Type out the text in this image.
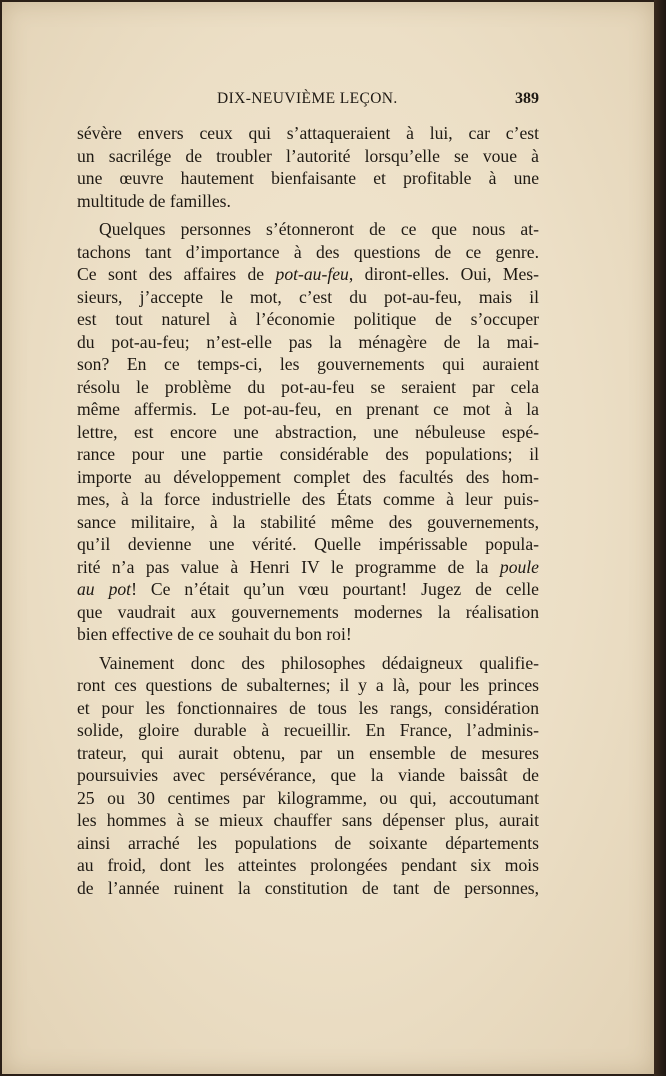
DIX-NEUVIÈME LEÇON.	389
sévère envers ceux qui s’attaqueraient à lui, car c’est
un sacrilége de troubler l’autorité lorsqu’elle se voue à
une œuvre hautement bienfaisante et profitable à une
multitude de familles.
Quelques personnes s’étonneront de ce que nous at-
tachons tant d’importance à des questions de ce genre.
Ce sont des affaires de pot-au-feu, diront-elles. Oui, Mes-
sieurs, j’accepte le mot, c’est du pot-au-feu, mais il
est tout naturel à l’économie politique de s’occuper
du pot-au-feu; n’est-elle pas la ménagère de la mai-
son? En ce temps-ci, les gouvernements qui auraient
résolu le problème du pot-au-feu se seraient par cela
même affermis. Le pot-au-feu, en prenant ce mot à la
lettre, est encore une abstraction, une nébuleuse espé-
rance pour une partie considérable des populations; il
importe au développement complet des facultés des hom-
mes, à la force industrielle des États comme à leur puis-
sance militaire, à la stabilité même des gouvernements,
qu’il devienne une vérité. Quelle impérissable popula-
rité n’a pas value à Henri IV le programme de la poule
au pot! Ce n’était qu’un vœu pourtant! Jugez de celle
que vaudrait aux gouvernements modernes la réalisation
bien effective de ce souhait du bon roi!
Vainement donc des philosophes dédaigneux qualifie-
ront ces questions de subalternes; il y a là, pour les princes
et pour les fonctionnaires de tous les rangs, considération
solide, gloire durable à recueillir. En France, l’adminis-
trateur, qui aurait obtenu, par un ensemble de mesures
poursuivies avec persévérance, que la viande baissât de
25 ou 30 centimes par kilogramme, ou qui, accoutumant
les hommes à se mieux chauffer sans dépenser plus, aurait
ainsi arraché les populations de soixante départements
au froid, dont les atteintes prolongées pendant six mois
de l’année ruinent la constitution de tant de personnes,
